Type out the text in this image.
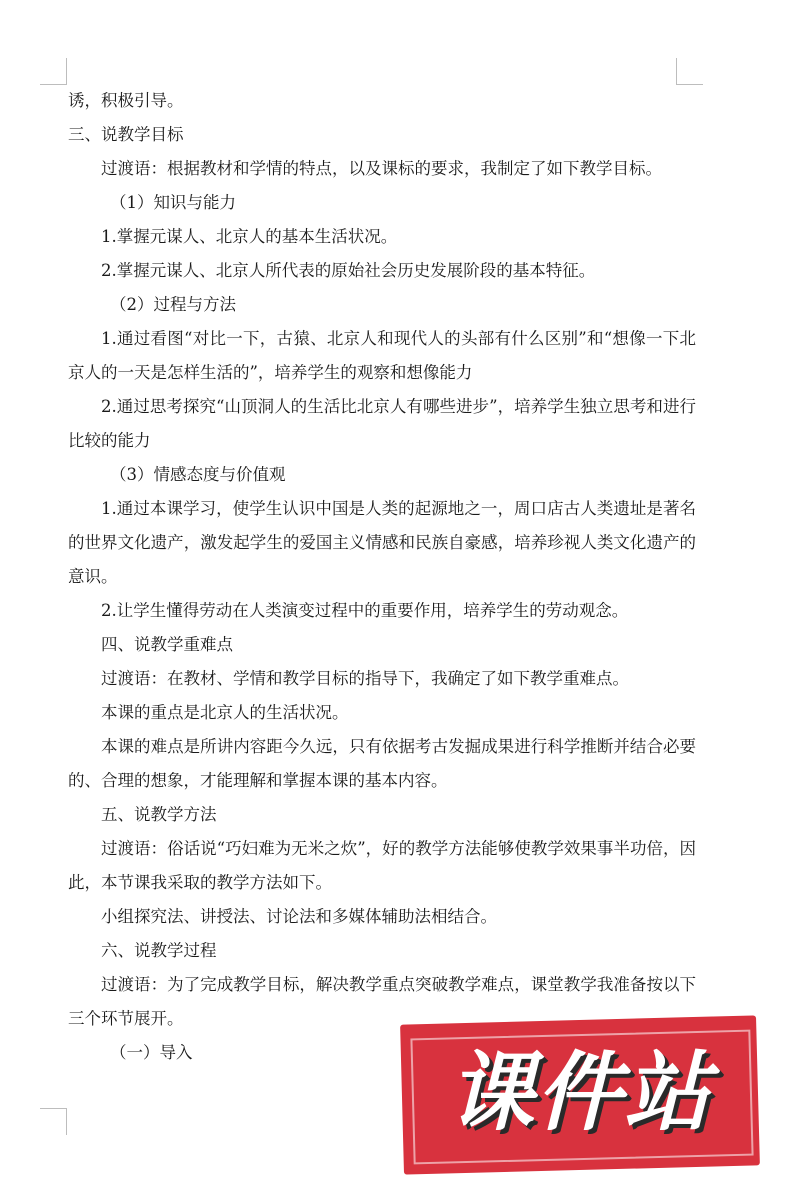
诱，积极引导。

三、说教学目标

过渡语：根据教材和学情的特点，以及课标的要求，我制定了如下教学目标。

（1）知识与能力

1.掌握元谋人、北京人的基本生活状况。

2.掌握元谋人、北京人所代表的原始社会历史发展阶段的基本特征。

（2）过程与方法

1.通过看图“对比一下，古猿、北京人和现代人的头部有什么区别”和“想像一下北京人的一天是怎样生活的”，培养学生的观察和想像能力

2.通过思考探究“山顶洞人的生活比北京人有哪些进步”，培养学生独立思考和进行比较的能力

（3）情感态度与价值观

1.通过本课学习，使学生认识中国是人类的起源地之一，周口店古人类遗址是著名的世界文化遗产，激发起学生的爱国主义情感和民族自豪感，培养珍视人类文化遗产的意识。

2.让学生懂得劳动在人类演变过程中的重要作用，培养学生的劳动观念。

四、说教学重难点

过渡语：在教材、学情和教学目标的指导下，我确定了如下教学重难点。

本课的重点是北京人的生活状况。

本课的难点是所讲内容距今久远，只有依据考古发掘成果进行科学推断并结合必要的、合理的想象，才能理解和掌握本课的基本内容。

五、说教学方法

过渡语：俗话说“巧妇难为无米之炊”，好的教学方法能够使教学效果事半功倍，因此，本节课我采取的教学方法如下。

小组探究法、讲授法、讨论法和多媒体辅助法相结合。

六、说教学过程

过渡语：为了完成教学目标，解决教学重点突破教学难点，课堂教学我准备按以下三个环节展开。

（一）导入	课件站
